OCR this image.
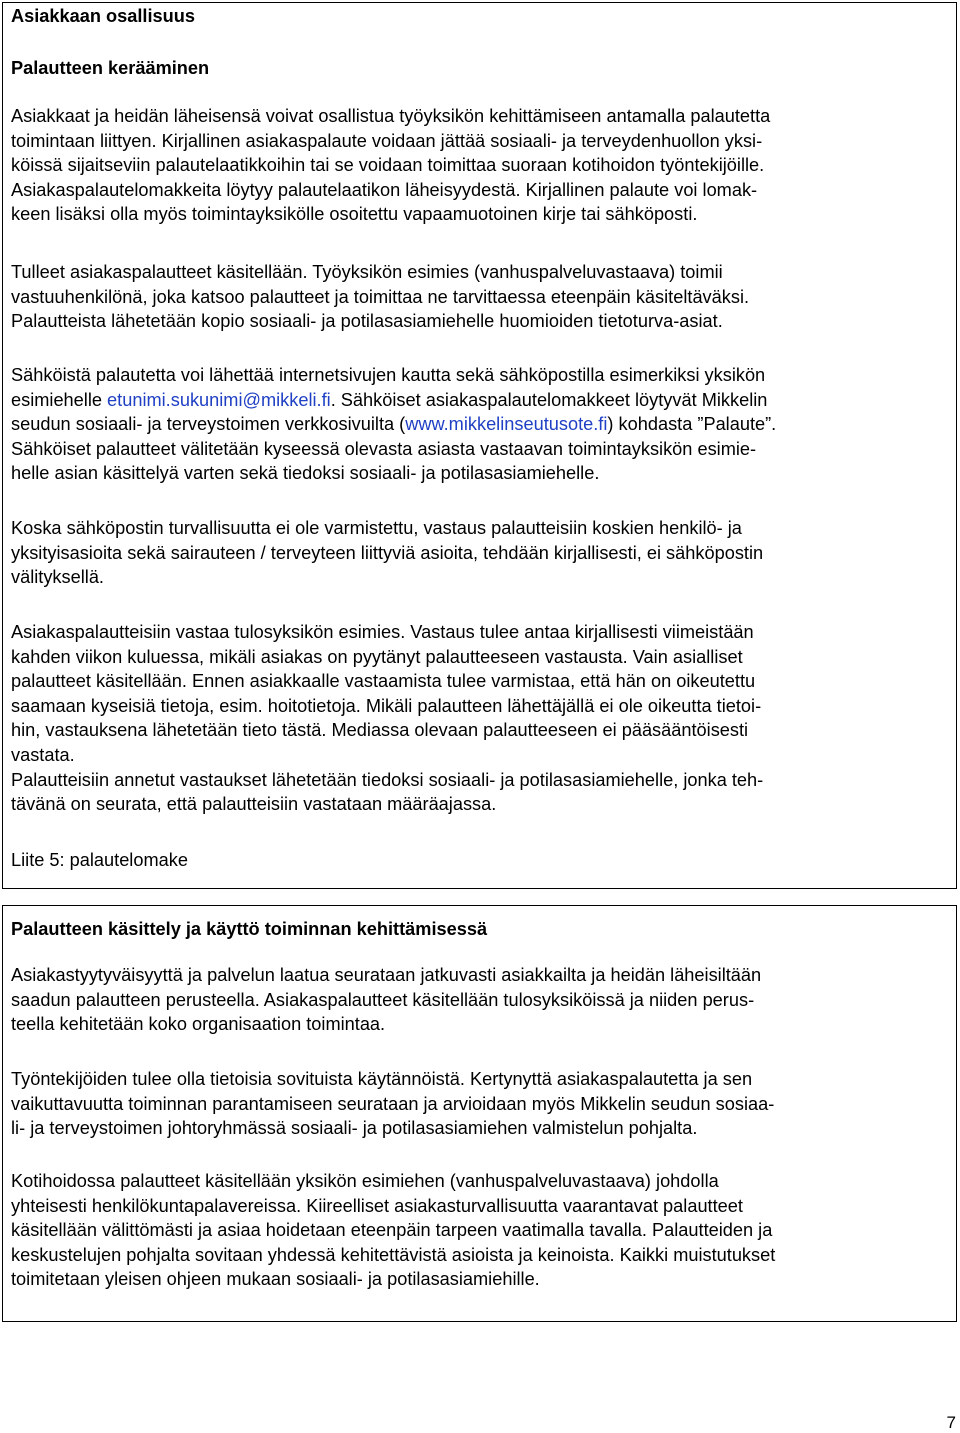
Asiakkaan osallisuus
Palautteen kerääminen
Asiakkaat ja heidän läheisensä voivat osallistua työyksikön kehittämiseen antamalla palautetta
toimintaan liittyen. Kirjallinen asiakaspalaute voidaan jättää sosiaali- ja terveydenhuollon yksi-
köissä sijaitseviin palautelaatikkoihin tai se voidaan toimittaa suoraan kotihoidon työntekijöille.
Asiakaspalautelomakkeita löytyy palautelaatikon läheisyydestä. Kirjallinen palaute voi lomak-
keen lisäksi olla myös toimintayksikölle osoitettu vapaamuotoinen kirje tai sähköposti.
Tulleet asiakaspalautteet käsitellään. Työyksikön esimies (vanhuspalveluvastaava) toimii
vastuuhenkilönä, joka katsoo palautteet ja toimittaa ne tarvittaessa eteenpäin käsiteltäväksi.
Palautteista lähetetään kopio sosiaali- ja potilasasiamiehelle huomioiden tietoturva-asiat.
Sähköistä palautetta voi lähettää internetsivujen kautta sekä sähköpostilla esimerkiksi yksikön
esimiehelle etunimi.sukunimi@mikkeli.fi. Sähköiset asiakaspalautelomakkeet löytyvät Mikkelin
seudun sosiaali- ja terveystoimen verkkosivuilta (www.mikkelinseutusote.fi) kohdasta ”Palaute”.
Sähköiset palautteet välitetään kyseessä olevasta asiasta vastaavan toimintayksikön esimie-
helle asian käsittelyä varten sekä tiedoksi sosiaali- ja potilasasiamiehelle.
Koska sähköpostin turvallisuutta ei ole varmistettu, vastaus palautteisiin koskien henkilö- ja
yksityisasioita sekä sairauteen / terveyteen liittyviä asioita, tehdään kirjallisesti, ei sähköpostin
välityksellä.
Asiakaspalautteisiin vastaa tulosyksikön esimies. Vastaus tulee antaa kirjallisesti viimeistään
kahden viikon kuluessa, mikäli asiakas on pyytänyt palautteeseen vastausta. Vain asialliset
palautteet käsitellään. Ennen asiakkaalle vastaamista tulee varmistaa, että hän on oikeutettu
saamaan kyseisiä tietoja, esim. hoitotietoja. Mikäli palautteen lähettäjällä ei ole oikeutta tietoi-
hin, vastauksena lähetetään tieto tästä. Mediassa olevaan palautteeseen ei pääsääntöisesti
vastata.
Palautteisiin annetut vastaukset lähetetään tiedoksi sosiaali- ja potilasasiamiehelle, jonka teh-
tävänä on seurata, että palautteisiin vastataan määräajassa.
Liite 5: palautelomake
Palautteen käsittely ja käyttö toiminnan kehittämisessä
Asiakastyytyväisyyttä ja palvelun laatua seurataan jatkuvasti asiakkailta ja heidän läheisiltään
saadun palautteen perusteella. Asiakaspalautteet käsitellään tulosyksiköissä ja niiden perus-
teella kehitetään koko organisaation toimintaa.
Työntekijöiden tulee olla tietoisia sovituista käytännöistä. Kertynyttä asiakaspalautetta ja sen
vaikuttavuutta toiminnan parantamiseen seurataan ja arvioidaan myös Mikkelin seudun sosiaa-
li- ja terveystoimen johtoryhmässä sosiaali- ja potilasasiamiehen valmistelun pohjalta.
Kotihoidossa palautteet käsitellään yksikön esimiehen (vanhuspalveluvastaava) johdolla
yhteisesti henkilökuntapalavereissa. Kiireelliset asiakasturvallisuutta vaarantavat palautteet
käsitellään välittömästi ja asiaa hoidetaan eteenpäin tarpeen vaatimalla tavalla. Palautteiden ja
keskustelujen pohjalta sovitaan yhdessä kehitettävistä asioista ja keinoista. Kaikki muistutukset
toimitetaan yleisen ohjeen mukaan sosiaali- ja potilasasiamiehille.
7
